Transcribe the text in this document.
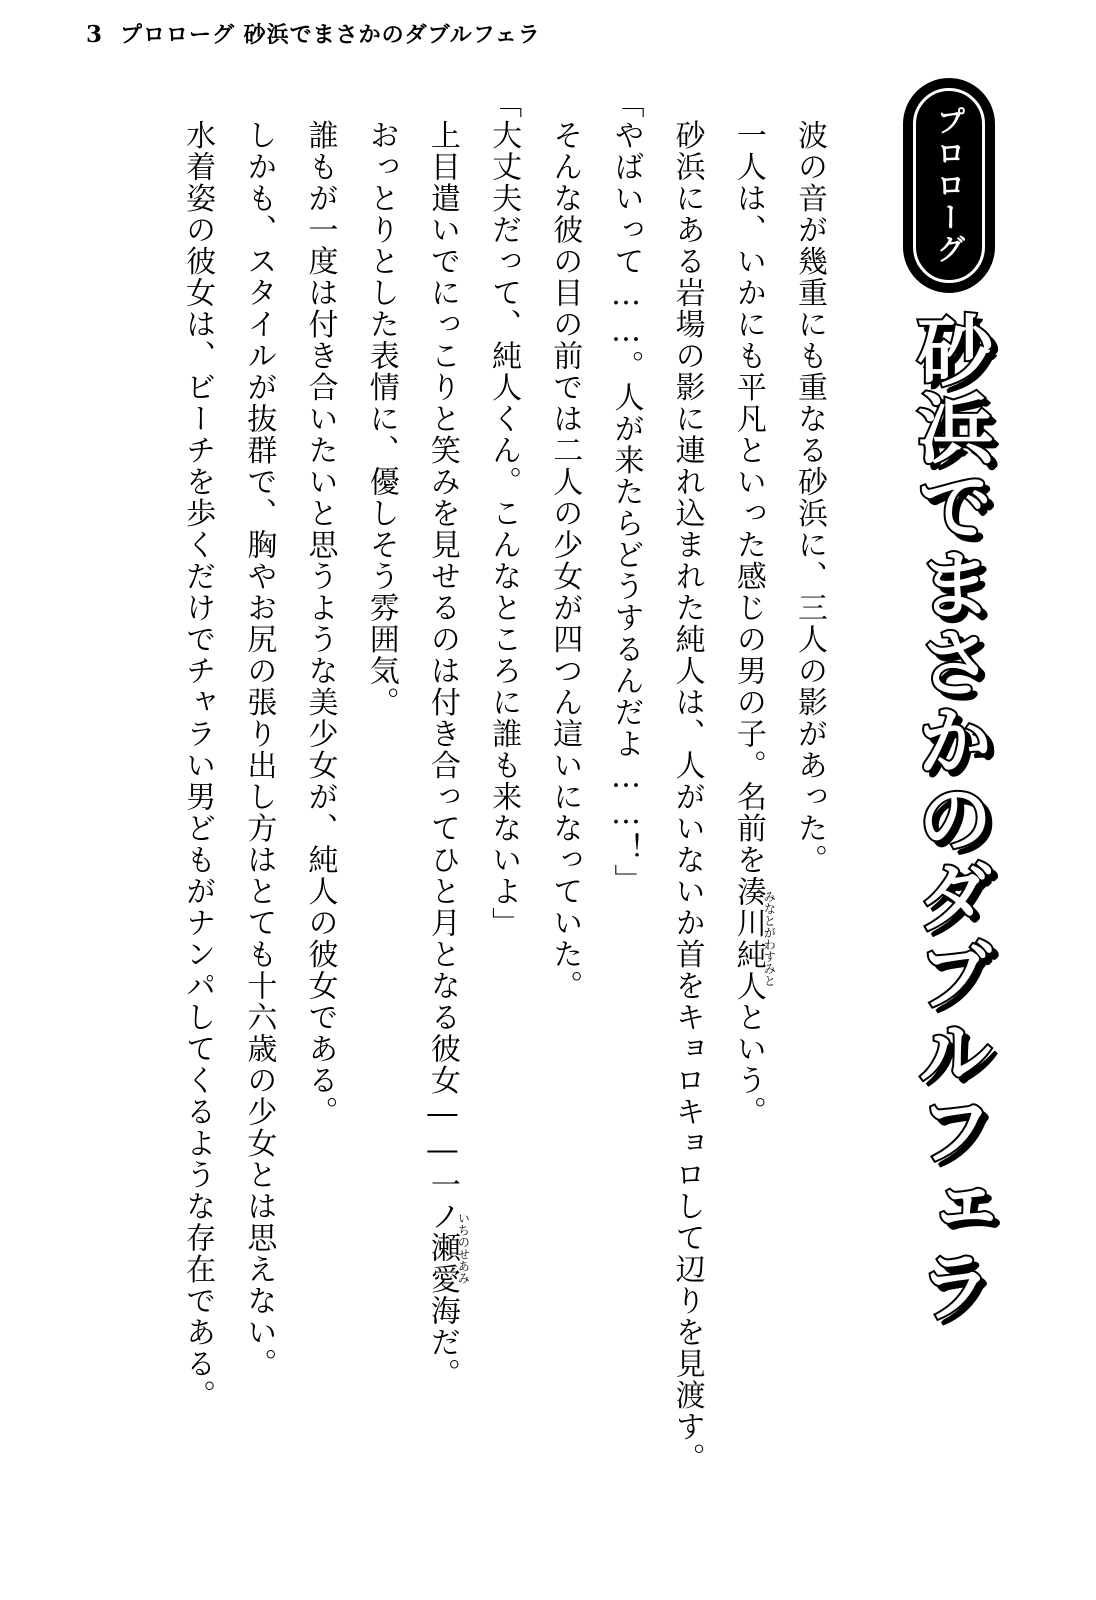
3 プロローグ 砂浜でまさかのダブルフェラ
プロローグ
砂浜でまさかのダブルフェラ

　波の音が幾重にも重なる砂浜に、三人の影があった。

　一人は、いかにも平凡といった感じの男の子。名前を湊川純人みなとがわすみとという。

　砂浜にある岩場の影に連れ込まれた純人は、人がいないか首をキョロキョロして辺りを見渡す。

「やばいって……。人が来たらどうするんだよ……！」

　そんな彼の目の前では二人の少女が四つん這いになっていた。

「大丈夫だって、純人くん。こんなところに誰も来ないよ」

　上目遣いでにっこりと笑みを見せるのは付き合ってひと月となる彼女――一ノ瀬愛海いちのせあみだ。

　おっとりとした表情に、優しそう雰囲気。

　誰もが一度は付き合いたいと思うような美少女が、純人の彼女である。

　しかも、スタイルが抜群で、胸やお尻の張り出し方はとても十六歳の少女とは思えない。

　水着姿の彼女は、ビーチを歩くだけでチャラい男どもがナンパしてくるような存在である。
